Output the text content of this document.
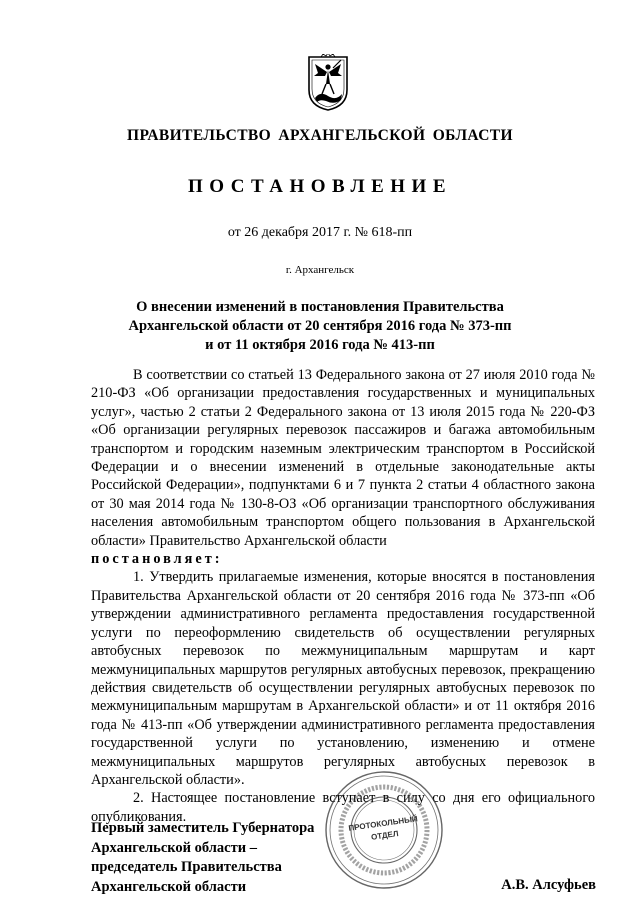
ПРАВИТЕЛЬСТВО АРХАНГЕЛЬСКОЙ ОБЛАСТИ
ПОСТАНОВЛЕНИЕ
от 26 декабря 2017 г. № 618-пп
г. Архангельск
О внесении изменений в постановления Правительства
Архангельской области от 20 сентября 2016 года № 373-пп
и от 11 октября 2016 года № 413-пп

В соответствии со статьей 13 Федерального закона от 27 июля 2010 года № 210-ФЗ «Об организации предоставления государственных и муниципальных услуг», частью 2 статьи 2 Федерального закона от 13 июля 2015 года № 220-ФЗ «Об организации регулярных перевозок пассажиров и багажа автомобильным транспортом и городским наземным электрическим транспортом в Российской Федерации и о внесении изменений в отдельные законодательные акты Российской Федерации», подпунктами 6 и 7 пункта 2 статьи 4 областного закона от 30 мая 2014 года № 130-8-ОЗ «Об организации транспортного обслуживания населения автомобильным транспортом общего пользования в Архангельской области» Правительство Архангельской области

постановляет:

1. Утвердить прилагаемые изменения, которые вносятся в постановления Правительства Архангельской области от 20 сентября 2016 года № 373-пп «Об утверждении административного регламента предоставления государственной услуги по переоформлению свидетельств об осуществлении регулярных автобусных перевозок по межмуниципальным маршрутам и карт межмуниципальных маршрутов регулярных автобусных перевозок, прекращению действия свидетельств об осуществлении регулярных автобусных перевозок по межмуниципальным маршрутам в Архангельской области» и от 11 октября 2016 года № 413-пп «Об утверждении административного регламента предоставления государственной услуги по установлению, изменению и отмене межмуниципальных маршрутов регулярных автобусных перевозок в Архангельской области».

2. Настоящее постановление вступает в силу со дня его официального опубликования.

Первый заместитель Губернатора
Архангельской области –
председатель Правительства
Архангельской области	А.В. Алсуфьев
ПРОТОКОЛЬНЫЙ
ОТДЕЛ
